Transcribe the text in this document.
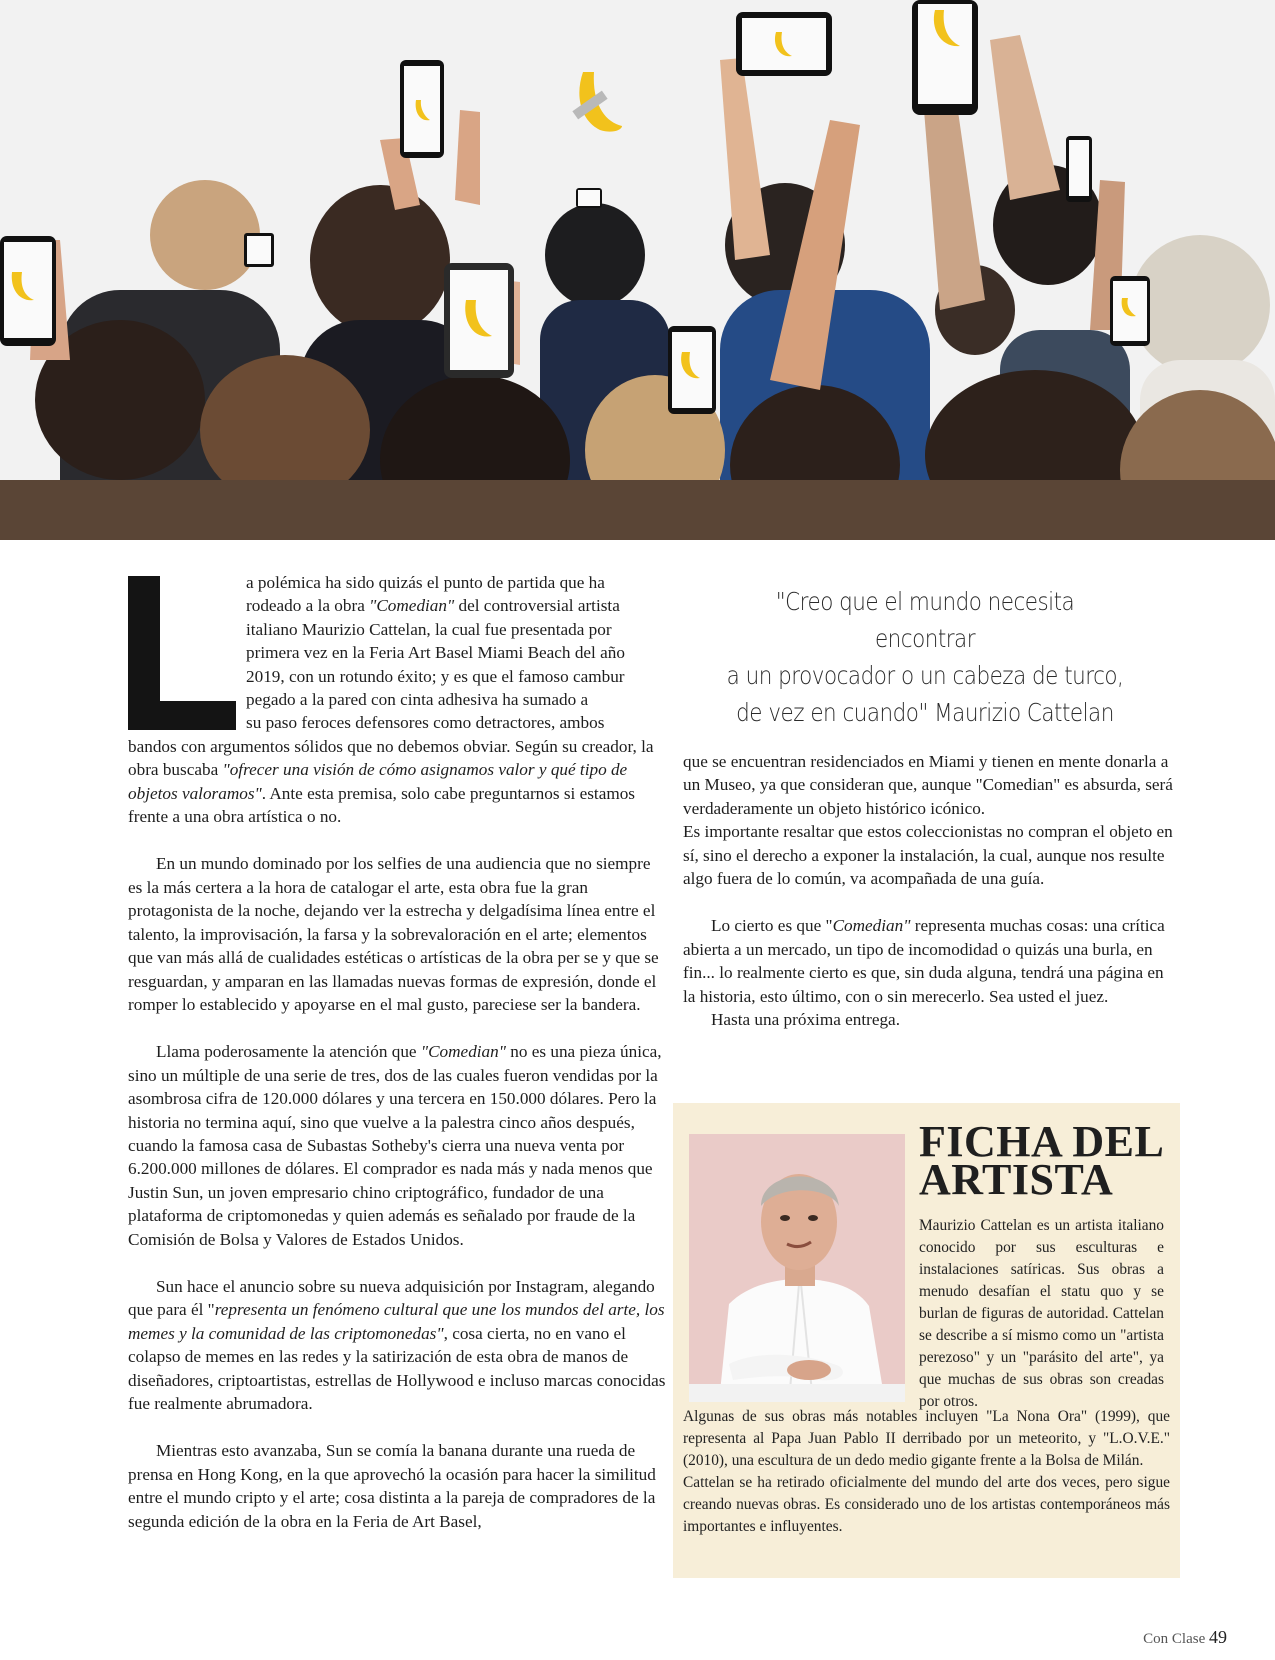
a polémica ha sido quizás el punto de partida que ha

rodeado a la obra "Comedian" del controversial artista

italiano Maurizio Cattelan, la cual fue presentada por

primera vez en la Feria Art Basel Miami Beach del año

2019, con un rotundo éxito; y es que el famoso cambur

pegado a la pared con cinta adhesiva ha sumado a

su paso feroces defensores como detractores, ambos

bandos con argumentos sólidos que no debemos obviar. Según su creador, la obra buscaba "ofrecer una visión de cómo asignamos valor y qué tipo de objetos valoramos". Ante esta premisa, solo cabe preguntarnos si estamos frente a una obra artística o no.

En un mundo dominado por los selfies de una audiencia que no siempre es la más certera a la hora de catalogar el arte, esta obra fue la gran protagonista de la noche, dejando ver la estrecha y delgadísima línea entre el talento, la improvisación, la farsa y la sobrevaloración en el arte; elementos que van más allá de cualidades estéticas o artísticas de la obra per se y que se resguardan, y amparan en las llamadas nuevas formas de expresión, donde el romper lo establecido y apoyarse en el mal gusto, pareciese ser la bandera.

Llama poderosamente la atención que "Comedian" no es una pieza única, sino un múltiple de una serie de tres, dos de las cuales fueron vendidas por la asombrosa cifra de 120.000 dólares y una tercera en 150.000 dólares. Pero la historia no termina aquí, sino que vuelve a la palestra cinco años después, cuando la famosa casa de Subastas Sotheby's cierra una nueva venta por 6.200.000 millones de dólares. El comprador es nada más y nada menos que Justin Sun, un joven empresario chino criptográfico, fundador de una plataforma de criptomonedas y quien además es señalado por fraude de la Comisión de Bolsa y Valores de Estados Unidos.

Sun hace el anuncio sobre su nueva adquisición por Instagram, alegando que para él "representa un fenómeno cultural que une los mundos del arte, los memes y la comunidad de las criptomonedas", cosa cierta, no en vano el colapso de memes en las redes y la satirización de esta obra de manos de diseñadores, criptoartistas, estrellas de Hollywood e incluso marcas conocidas fue realmente abrumadora.

Mientras esto avanzaba, Sun se comía la banana durante una rueda de prensa en Hong Kong, en la que aprovechó la ocasión para hacer la similitud entre el mundo cripto y el arte; cosa distinta a la pareja de compradores de la segunda edición de la obra en la Feria de Art Basel,

"Creo que el mundo necesita encontrar
a un provocador o un cabeza de turco,
de vez en cuando" Maurizio Cattelan

que se encuentran residenciados en Miami y tienen en mente donarla a un Museo, ya que consideran que, aunque "Comedian" es absurda, será verdaderamente un objeto histórico icónico.

Es importante resaltar que estos coleccionistas no compran el objeto en sí, sino el derecho a exponer la instalación, la cual, aunque nos resulte algo fuera de lo común, va acompañada de una guía.

Lo cierto es que "Comedian" representa muchas cosas: una crítica abierta a un mercado, un tipo de incomodidad o quizás una burla, en fin... lo realmente cierto es que, sin duda alguna, tendrá una página en la historia, esto último, con o sin merecerlo. Sea usted el juez.

Hasta una próxima entrega.

FICHA DEL
ARTISTA

Maurizio Cattelan es un artista italiano conocido por sus esculturas e instalaciones satíricas. Sus obras a menudo desafían el statu quo y se burlan de figuras de autoridad. Cattelan se describe a sí mismo como un "artista perezoso" y un "parásito del arte", ya que muchas de sus obras son creadas por otros.

Algunas de sus obras más notables incluyen "La Nona Ora" (1999), que representa al Papa Juan Pablo II derribado por un meteorito, y "L.O.V.E." (2010), una escultura de un dedo medio gigante frente a la Bolsa de Milán.

Cattelan se ha retirado oficialmente del mundo del arte dos veces, pero sigue creando nuevas obras. Es considerado uno de los artistas contemporáneos más importantes e influyentes.

Con Clase 49
